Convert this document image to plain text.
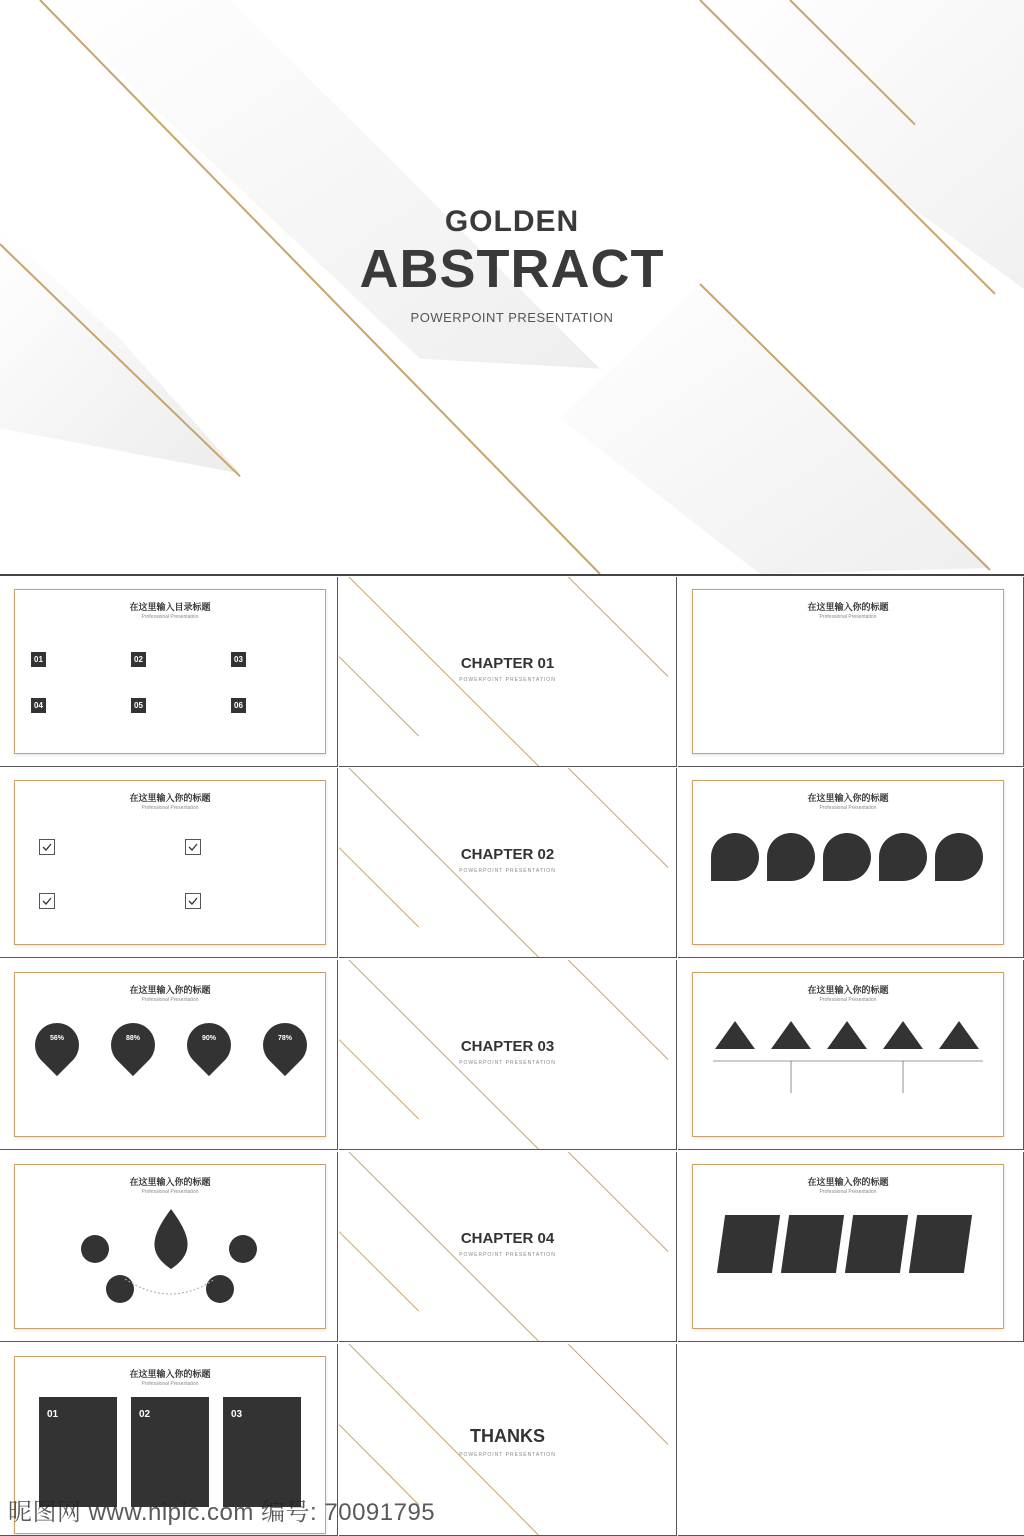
GOLDEN
ABSTRACT
POWERPOINT PRESENTATION
在这里输入目录标题
Professional Presentation
01	02	03
04	05	06
CHAPTER 01
POWERPOINT PRESENTATION
在这里输入你的标题
Professional Presentation
在这里输入你的标题
Professional Presentation
CHAPTER 02
POWERPOINT PRESENTATION
在这里输入你的标题
Professional Presentation
在这里输入你的标题
Professional Presentation
56%	88%	90%	78%	CHAPTER 03
POWERPOINT PRESENTATION
在这里输入你的标题
Professional Presentation
在这里输入你的标题
Professional Presentation
CHAPTER 04
POWERPOINT PRESENTATION
在这里输入你的标题
Professional Presentation
在这里输入你的标题
Professional Presentation
01	02	03
THANKS
POWERPOINT PRESENTATION
昵图网 www.nipic.com 编号: 70091795
